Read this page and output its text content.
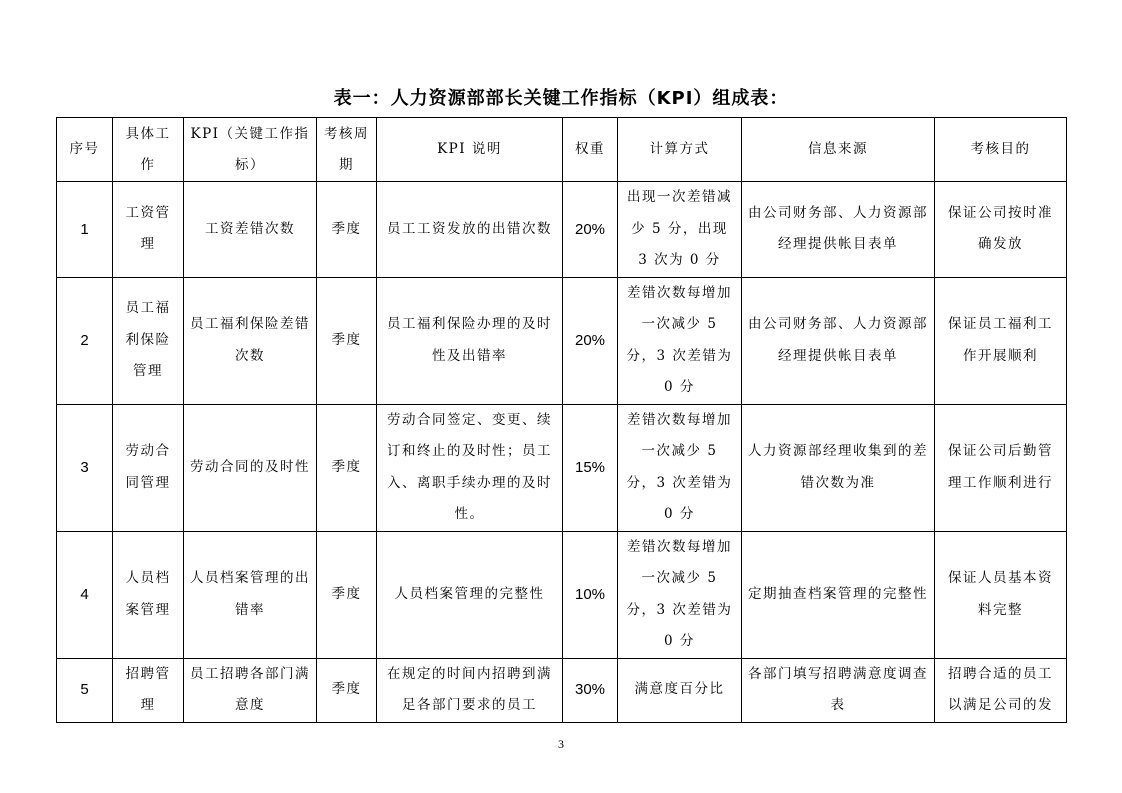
表一：人力资源部部长关键工作指标（KPI）组成表：
序号	具体工作	KPI（关键工作指标）	考核周期	KPI 说明	权重	计算方式	信息来源	考核目的
1	工资管理	工资差错次数	季度	员工工资发放的出错次数	20%	出现一次差错减少 5 分，出现 3 次为 0 分	由公司财务部、人力资源部经理提供帐目表单	保证公司按时准确发放
2	员工福利保险管理	员工福利保险差错次数	季度	员工福利保险办理的及时性及出错率	20%	差错次数每增加一次减少 5 分，3 次差错为 0 分	由公司财务部、人力资源部经理提供帐目表单	保证员工福利工作开展顺利
3	劳动合同管理	劳动合同的及时性	季度	劳动合同签定、变更、续订和终止的及时性；员工入、离职手续办理的及时性。	15%	差错次数每增加一次减少 5 分，3 次差错为 0 分	人力资源部经理收集到的差错次数为准	保证公司后勤管理工作顺利进行
4	人员档案管理	人员档案管理的出错率	季度	人员档案管理的完整性	10%	差错次数每增加一次减少 5 分，3 次差错为 0 分	定期抽查档案管理的完整性	保证人员基本资料完整
5	招聘管理	员工招聘各部门满意度	季度	在规定的时间内招聘到满足各部门要求的员工	30%	满意度百分比	各部门填写招聘满意度调查表	招聘合适的员工以满足公司的发
3
